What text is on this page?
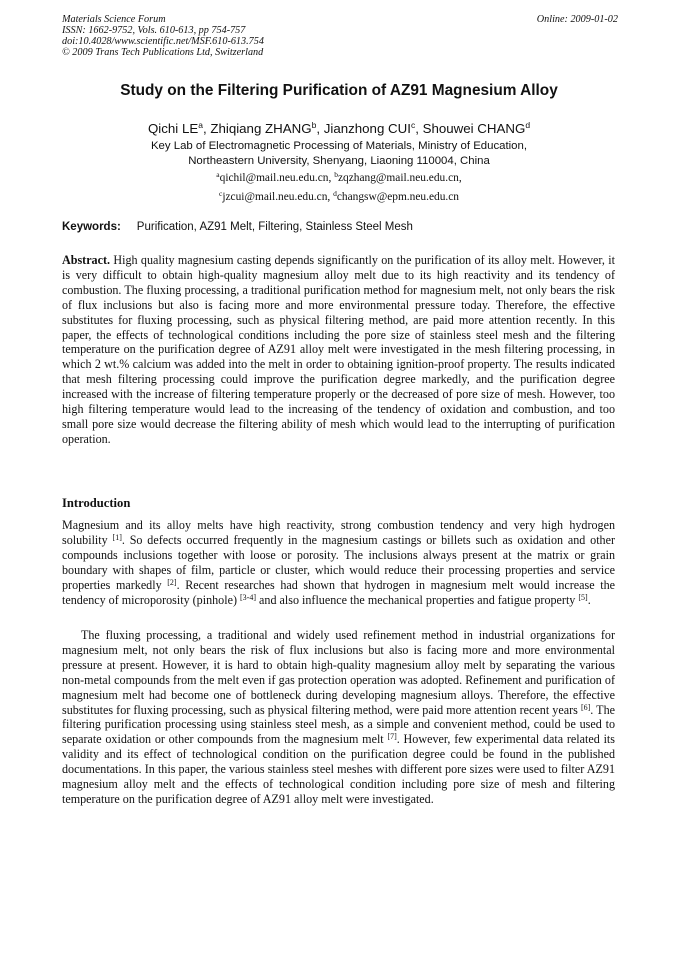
Materials Science Forum
ISSN: 1662-9752, Vols. 610-613, pp 754-757
doi:10.4028/www.scientific.net/MSF.610-613.754
© 2009 Trans Tech Publications Ltd, Switzerland
Online: 2009-01-02
Study on the Filtering Purification of AZ91 Magnesium Alloy
Qichi $LE^a$, Zhiqiang ZHANG$^b$, Jianzhong CUI$^c$, Shouwei CHANG$^d$
Key Lab of Electromagnetic Processing of Materials, Ministry of Education,
Northeastern University, Shenyang, Liaoning 110004, China
$^a$qichil@mail.neu.edu.cn, $^b$zqzhang@mail.neu.edu.cn,
$^c$jzcui@mail.neu.edu.cn, $^d$changsw@epm.neu.edu.cn
Keywords: Purification, AZ91 Melt, Filtering, Stainless Steel Mesh
Abstract. High quality magnesium casting depends significantly on the purification of its alloy melt. However, it is very difficult to obtain high-quality magnesium alloy melt due to its high reactivity and its tendency of combustion. The fluxing processing, a traditional purification method for magnesium melt, not only bears the risk of flux inclusions but also is facing more and more environmental pressure today. Therefore, the effective substitutes for fluxing processing, such as physical filtering method, are paid more attention recently. In this paper, the effects of technological conditions including the pore size of stainless steel mesh and the filtering temperature on the purification degree of AZ91 alloy melt were investigated in the mesh filtering processing, in which 2 wt.% calcium was added into the melt in order to obtaining ignition-proof property. The results indicated that mesh filtering processing could improve the purification degree markedly, and the purification degree increased with the increase of filtering temperature properly or the decreased of pore size of mesh. However, too high filtering temperature would lead to the increasing of the tendency of oxidation and combustion, and too small pore size would decrease the filtering ability of mesh which would lead to the interrupting of purification operation.
Introduction
Magnesium and its alloy melts have high reactivity, strong combustion tendency and very high hydrogen solubility [1]. So defects occurred frequently in the magnesium castings or billets such as oxidation and other compounds inclusions together with loose or porosity. The inclusions always present at the matrix or grain boundary with shapes of film, particle or cluster, which would reduce their processing properties and service properties markedly [2]. Recent researches had shown that hydrogen in magnesium melt would increase the tendency of microporosity (pinhole) [3-4] and also influence the mechanical properties and fatigue property [5].
The fluxing processing, a traditional and widely used refinement method in industrial organizations for magnesium melt, not only bears the risk of flux inclusions but also is facing more and more environmental pressure at present. However, it is hard to obtain high-quality magnesium alloy melt by separating the various non-metal compounds from the melt even if gas protection operation was adopted. Refinement and purification of magnesium melt had become one of bottleneck during developing magnesium alloys. Therefore, the effective substitutes for fluxing processing, such as physical filtering method, were paid more attention recent years [6]. The filtering purification processing using stainless steel mesh, as a simple and convenient method, could be used to separate oxidation or other compounds from the magnesium melt [7]. However, few experimental data related its validity and its effect of technological condition on the purification degree could be found in the published documentations. In this paper, the various stainless steel meshes with different pore sizes were used to filter AZ91 magnesium alloy melt and the effects of technological condition including pore size of mesh and filtering temperature on the purification degree of AZ91 alloy melt were investigated.
